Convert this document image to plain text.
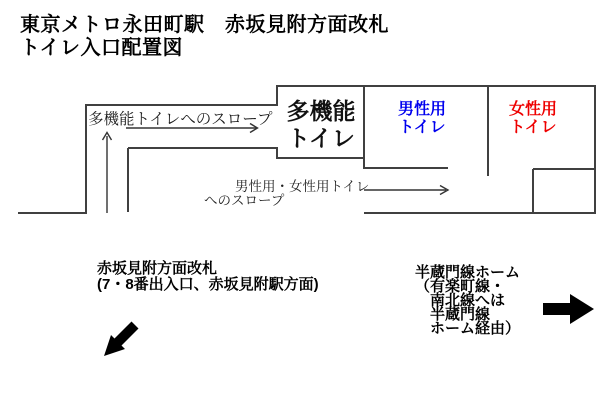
東京メトロ永田町駅　赤坂見附方面改札
トイレ入口配置図
多機能トイレへのスロープ 多機能
トイレ
男性用
トイレ
女性用
トイレ
男性用・女性用トイレ
へのスロープ
赤坂見附方面改札
(7・8番出入口、赤坂見附駅方面)
半蔵門線ホーム
（有楽町線・
　南北線へは
　半蔵門線
　ホーム経由）
